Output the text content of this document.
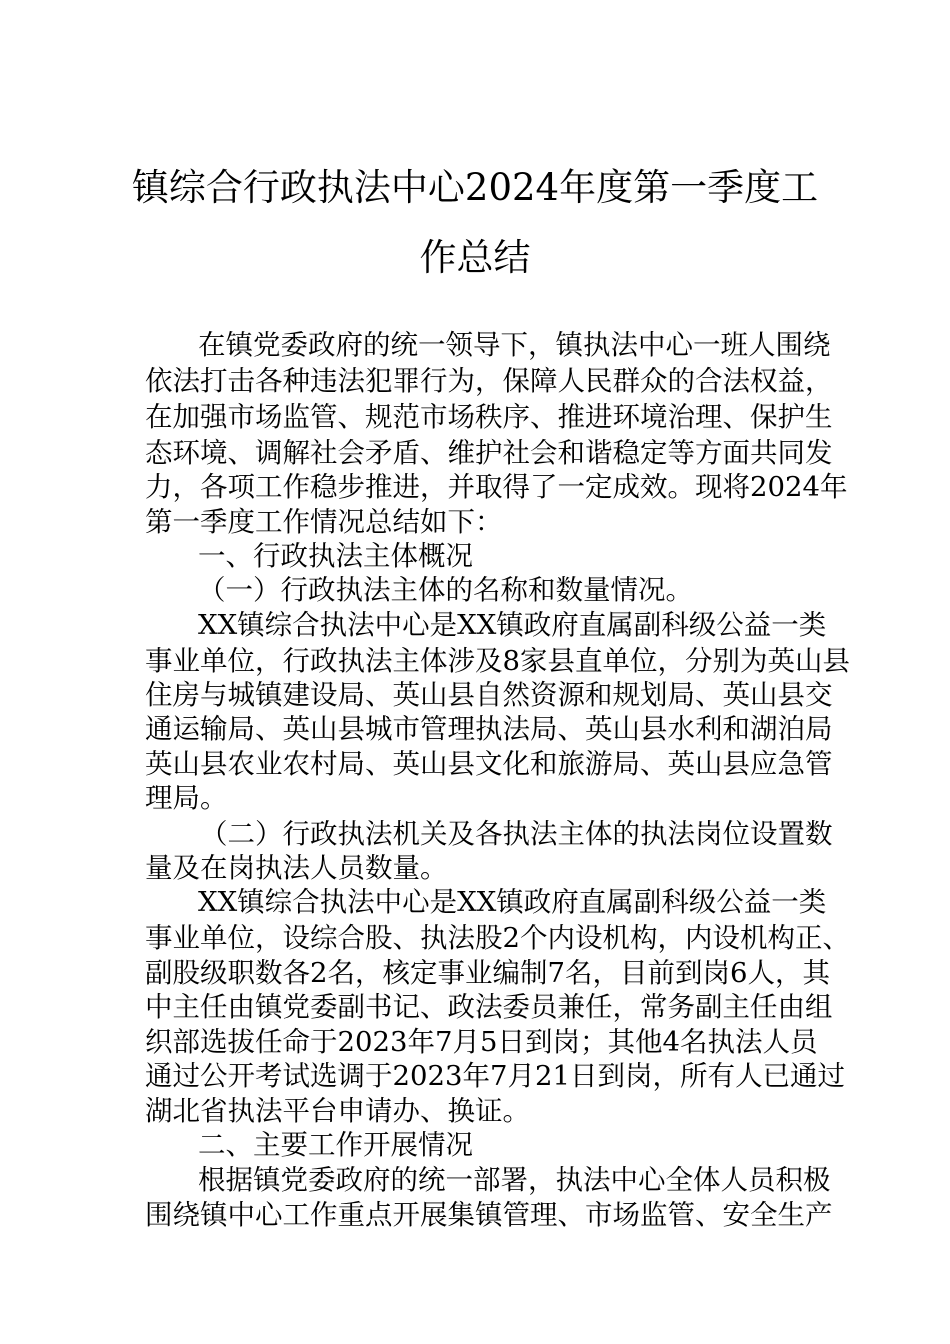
镇综合行政执法中心2024年度第一季度工
作总结
在镇党委政府的统一领导下，镇执法中心一班人围绕
依法打击各种违法犯罪行为，保障人民群众的合法权益，
在加强市场监管、规范市场秩序、推进环境治理、保护生
态环境、调解社会矛盾、维护社会和谐稳定等方面共同发
力，各项工作稳步推进，并取得了一定成效。现将2024年
第一季度工作情况总结如下：
一、行政执法主体概况
（一）行政执法主体的名称和数量情况。
XX镇综合执法中心是XX镇政府直属副科级公益一类
事业单位，行政执法主体涉及8家县直单位，分别为英山县
住房与城镇建设局、英山县自然资源和规划局、英山县交
通运输局、英山县城市管理执法局、英山县水利和湖泊局
英山县农业农村局、英山县文化和旅游局、英山县应急管
理局。
（二）行政执法机关及各执法主体的执法岗位设置数
量及在岗执法人员数量。
XX镇综合执法中心是XX镇政府直属副科级公益一类
事业单位，设综合股、执法股2个内设机构，内设机构正、
副股级职数各2名，核定事业编制7名，目前到岗6人，其
中主任由镇党委副书记、政法委员兼任，常务副主任由组
织部选拔任命于2023年7月5日到岗；其他4名执法人员
通过公开考试选调于2023年7月21日到岗，所有人已通过
湖北省执法平台申请办、换证。
二、主要工作开展情况
根据镇党委政府的统一部署，执法中心全体人员积极
围绕镇中心工作重点开展集镇管理、市场监管、安全生产
